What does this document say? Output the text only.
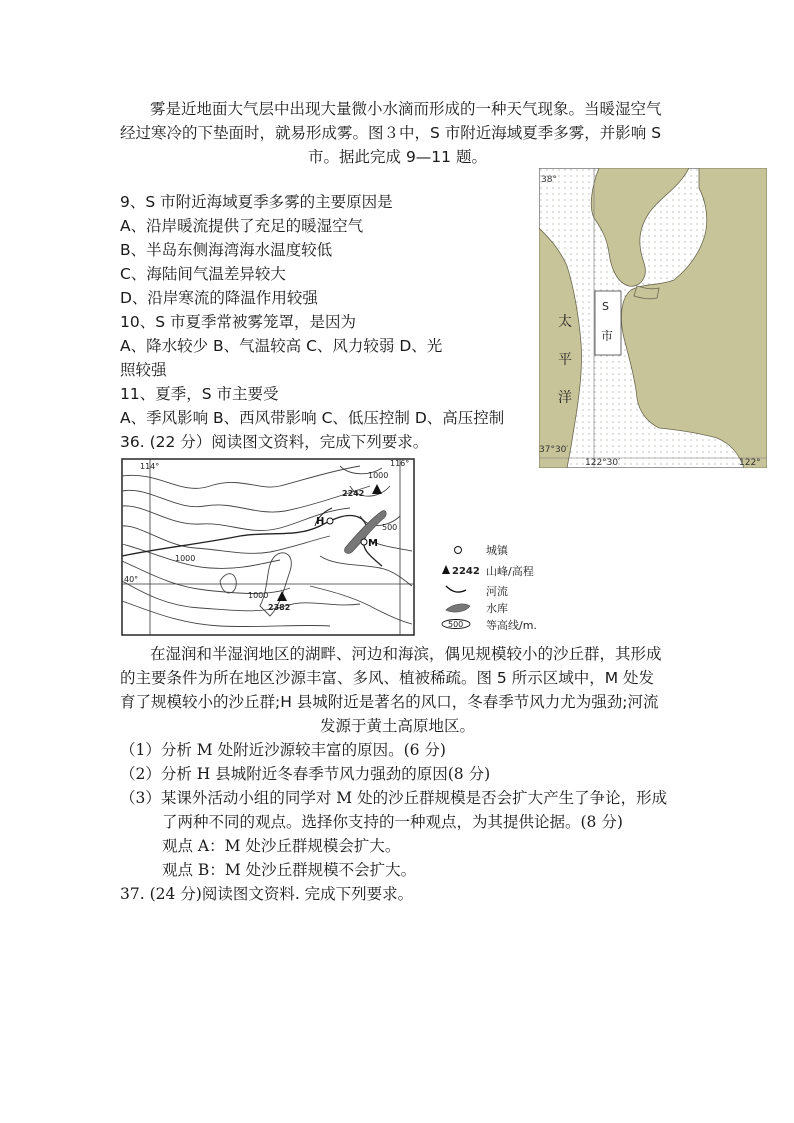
雾是近地面大气层中出现大量微小水滴而形成的一种天气现象。当暖湿空气
经过寒冷的下垫面时，就易形成雾。图３中，S 市附近海域夏季多雾，并影响 S
市。据此完成 9—11 题。
9、S 市附近海域夏季多雾的主要原因是
A、沿岸暖流提供了充足的暖湿空气
B、半岛东侧海湾海水温度较低
C、海陆间气温差异较大
D、沿岸寒流的降温作用较强
10、S 市夏季常被雾笼罩，是因为
A、降水较少 B、气温较高 C、风力较弱 D、光
照较强
11、夏季，S 市主要受
A、季风影响 B、西风带影响 C、低压控制 D、高压控制
36. (22 分）阅读图文资料，完成下列要求。
38°
37°30′
122°30′	122°
S
市
太
平
洋
114°	116°
40°
2242
2382
1000
1000
1000
500
H
M
城镇
2242 山峰/高程
河流
水库
500 等高线/m.
在湿润和半湿润地区的湖畔、河边和海滨，偶见规模较小的沙丘群，其形成
的主要条件为所在地区沙源丰富、多风、植被稀疏。图 5 所示区域中，M 处发
育了规模较小的沙丘群;H 县城附近是著名的风口，冬春季节风力尤为强劲;河流
发源于黄土高原地区。
（1）分析 M 处附近沙源较丰富的原因。(6 分)
（2）分析 H 县城附近冬春季节风力强劲的原因(8 分)
（3）某课外活动小组的同学对 M 处的沙丘群规模是否会扩大产生了争论，形成
了两种不同的观点。选择你支持的一种观点，为其提供论据。(8 分)
观点 A：M 处沙丘群规模会扩大。
观点 B：M 处沙丘群规模不会扩大。
37. (24 分)阅读图文资料. 完成下列要求。
